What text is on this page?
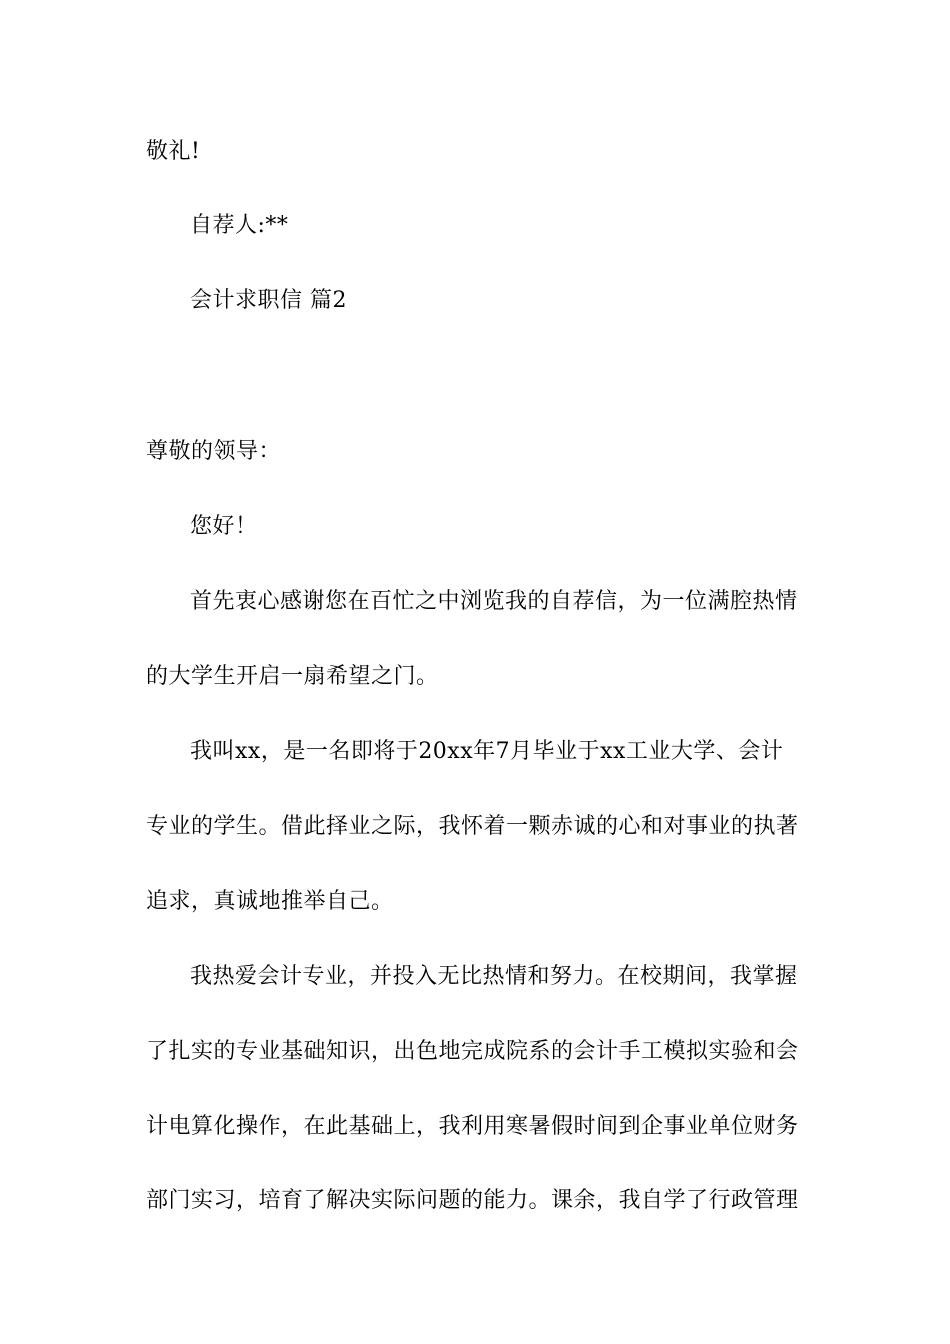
敬礼!
自荐人:**
会计求职信 篇2
尊敬的领导：
您好！
首先衷心感谢您在百忙之中浏览我的自荐信，为一位满腔热情
的大学生开启一扇希望之门。
我叫xx，是一名即将于20xx年7月毕业于xx工业大学、会计
专业的学生。借此择业之际，我怀着一颗赤诚的心和对事业的执著
追求，真诚地推举自己。
我热爱会计专业，并投入无比热情和努力。在校期间，我掌握
了扎实的专业基础知识，出色地完成院系的会计手工模拟实验和会
计电算化操作，在此基础上，我利用寒暑假时间到企事业单位财务
部门实习，培育了解决实际问题的能力。课余，我自学了行政管理
